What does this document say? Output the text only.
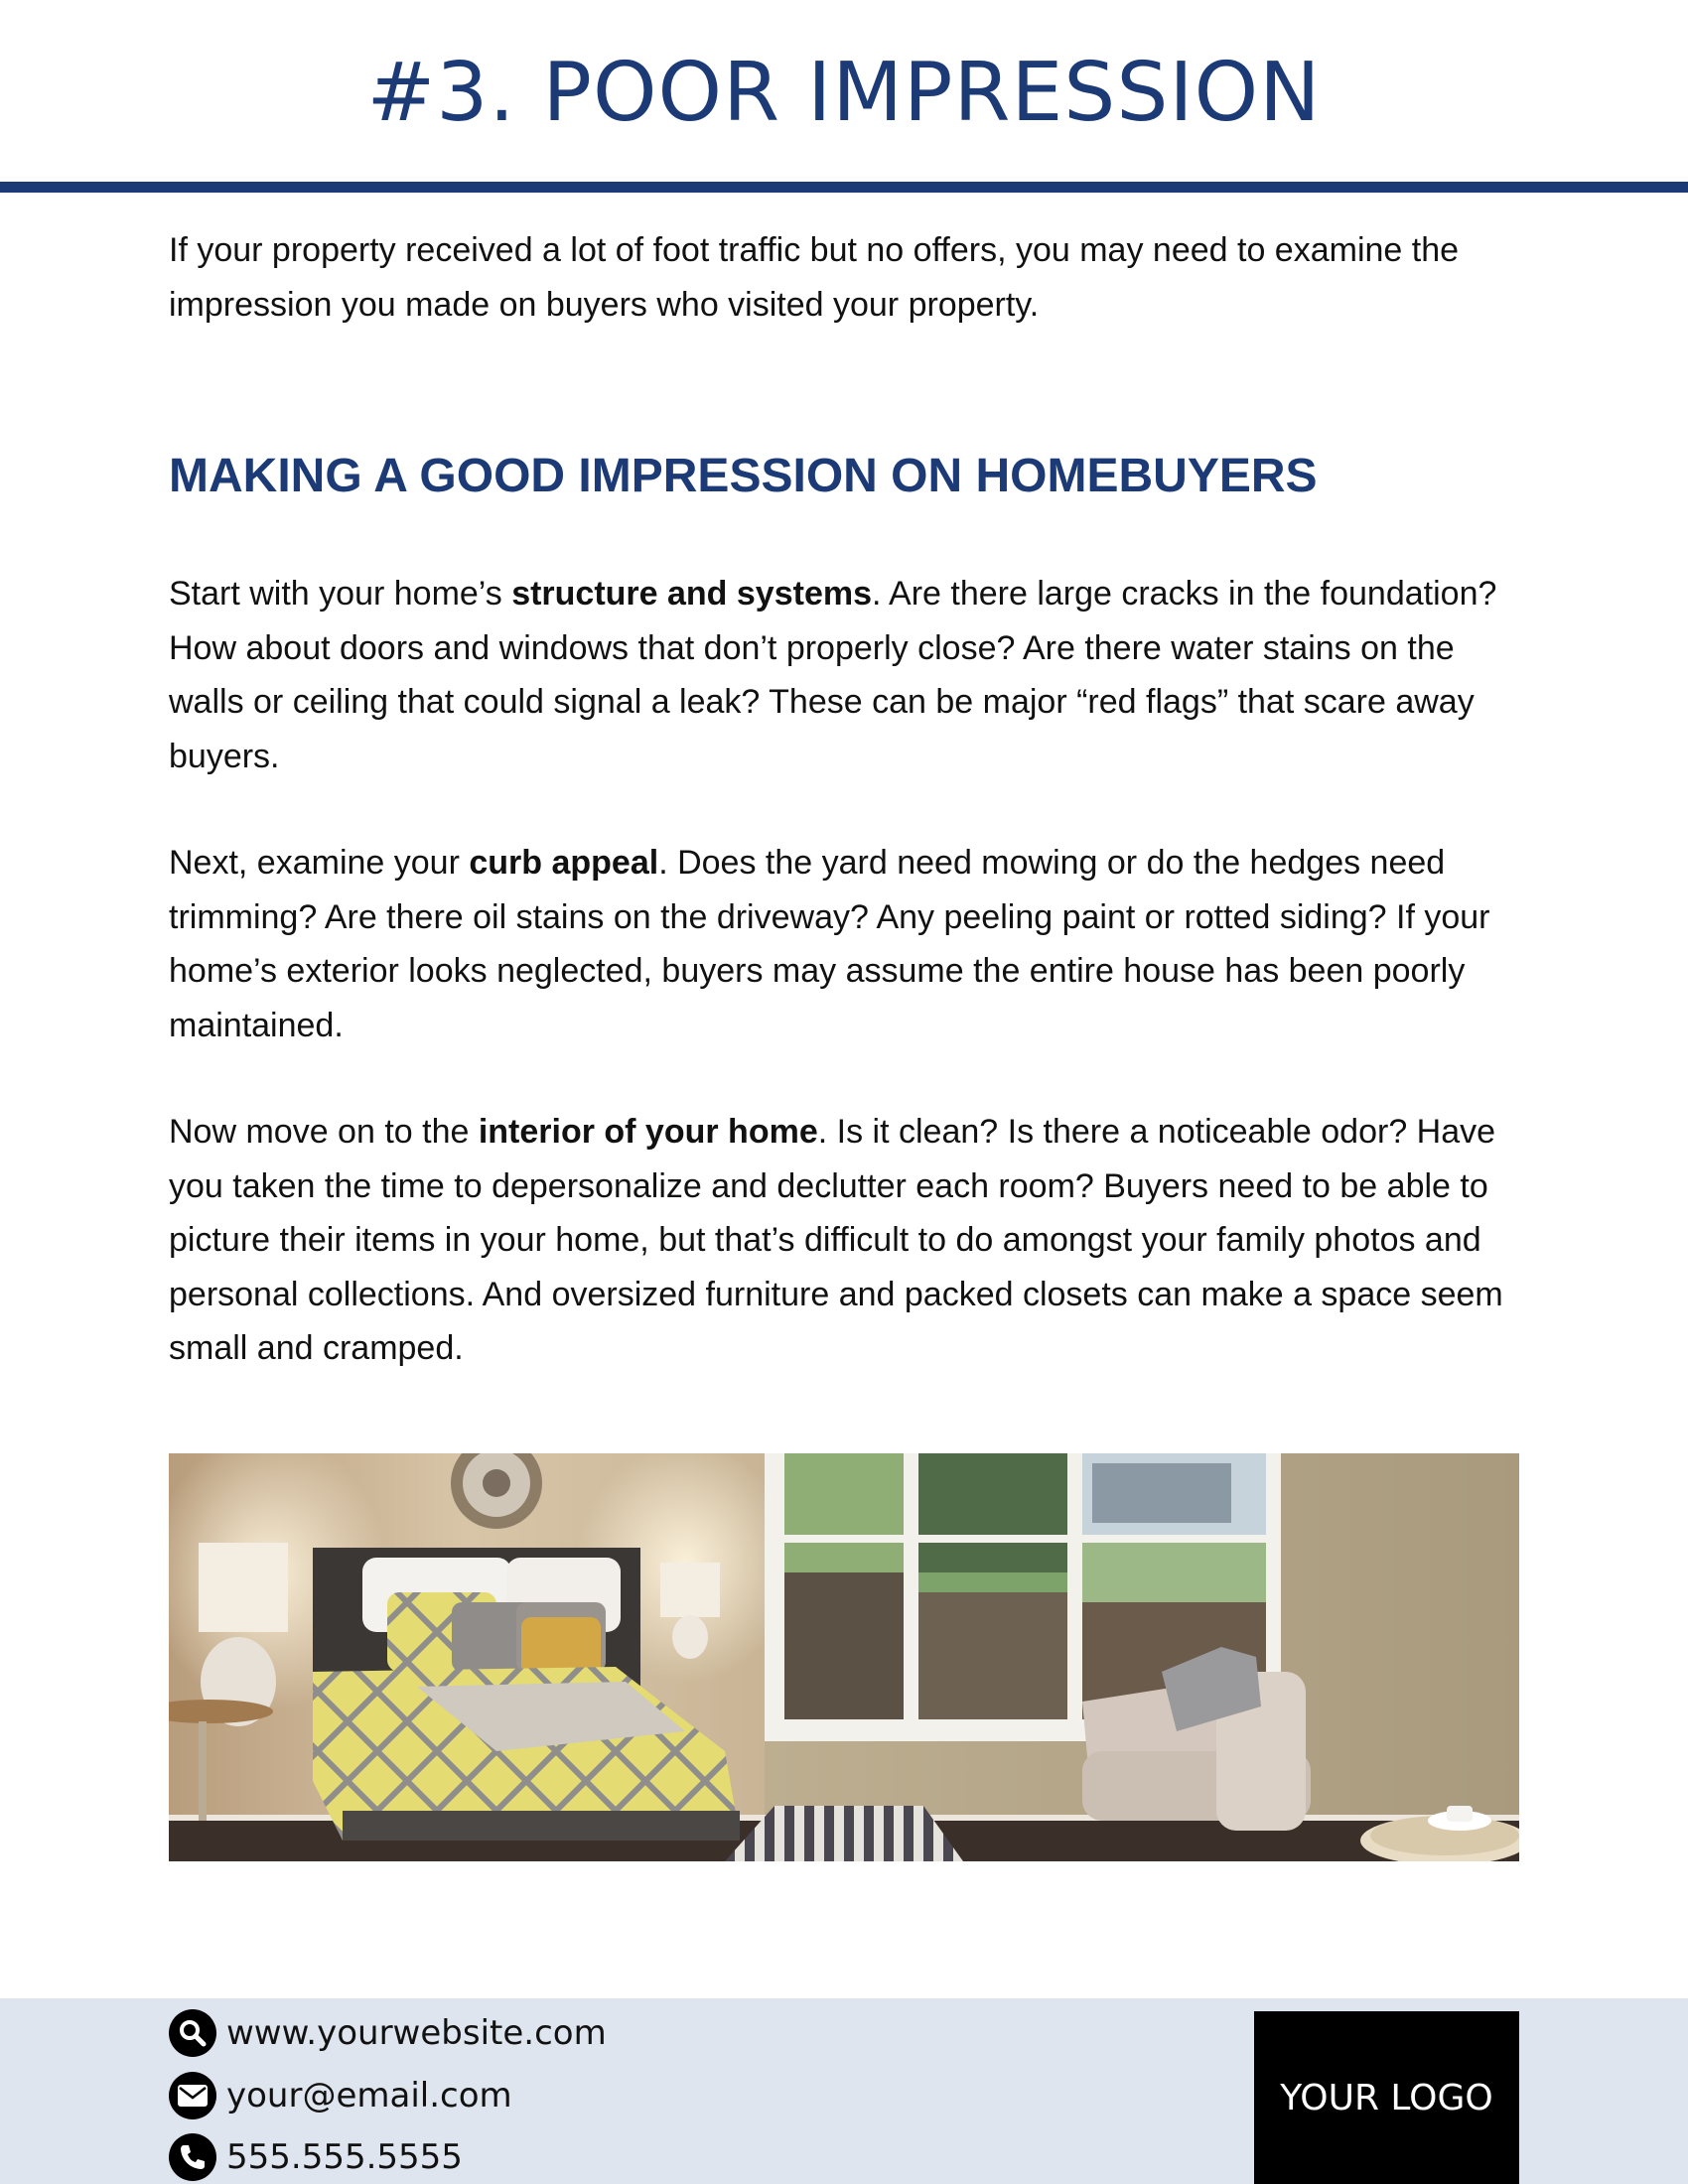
#3. POOR IMPRESSION

If your property received a lot of foot traffic but no offers, you may need to examine the impression you made on buyers who visited your property.

MAKING A GOOD IMPRESSION ON HOMEBUYERS

Start with your home’s structure and systems. Are there large cracks in the foundation? How about doors and windows that don’t properly close? Are there water stains on the walls or ceiling that could signal a leak? These can be major “red flags” that scare away buyers.

Next, examine your curb appeal. Does the yard need mowing or do the hedges need trimming? Are there oil stains on the driveway? Any peeling paint or rotted siding? If your home’s exterior looks neglected, buyers may assume the entire house has been poorly maintained.

Now move on to the interior of your home. Is it clean? Is there a noticeable odor? Have you taken the time to depersonalize and declutter each room? Buyers need to be able to picture their items in your home, but that’s difficult to do amongst your family photos and personal collections. And oversized furniture and packed closets can make a space seem small and cramped.

www.yourwebsite.com
your@email.com
555.555.5555
YOUR LOGO
